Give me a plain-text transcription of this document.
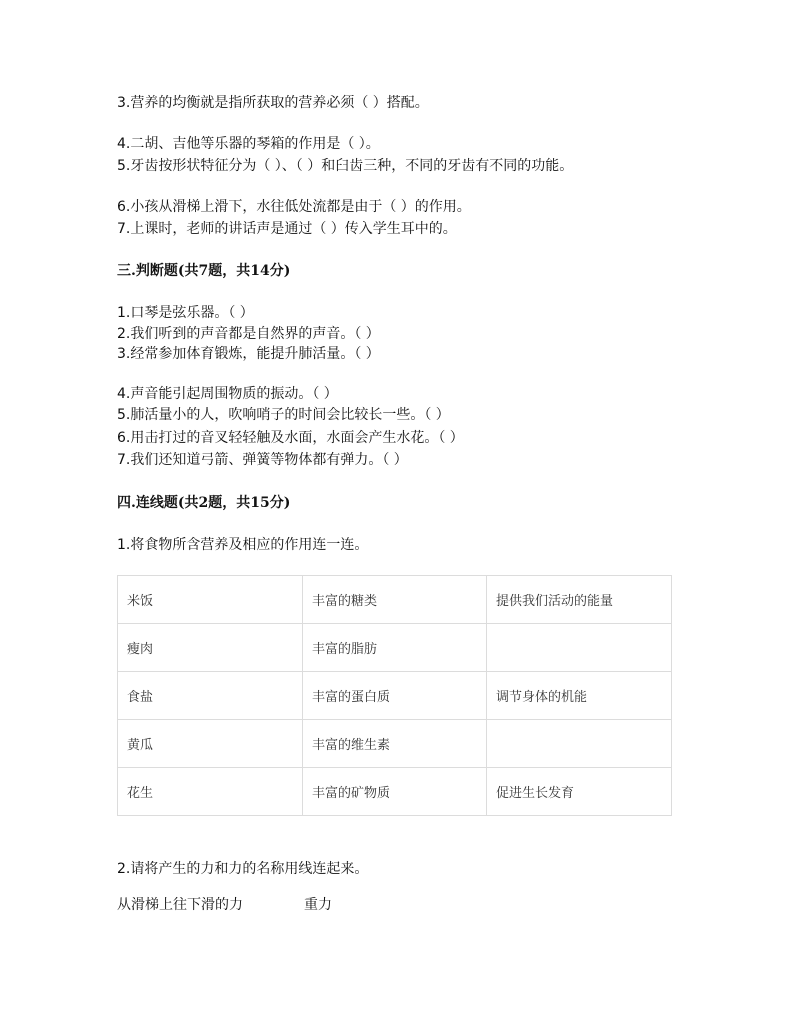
3.营养的均衡就是指所获取的营养必须（ ）搭配。
4.二胡、吉他等乐器的琴箱的作用是（ ）。
5.牙齿按形状特征分为（ ）、（ ）和臼齿三种，不同的牙齿有不同的功能。
6.小孩从滑梯上滑下，水往低处流都是由于（ ）的作用。
7.上课时，老师的讲话声是通过（ ）传入学生耳中的。
三.判断题(共7题，共14分)
1.口琴是弦乐器。（ ）
2.我们听到的声音都是自然界的声音。（ ）
3.经常参加体育锻炼，能提升肺活量。（ ）
4.声音能引起周围物质的振动。（ ）
5.肺活量小的人，吹响哨子的时间会比较长一些。（ ）
6.用击打过的音叉轻轻触及水面，水面会产生水花。（ ）
7.我们还知道弓箭、弹簧等物体都有弹力。（ ）
四.连线题(共2题，共15分)
1.将食物所含营养及相应的作用连一连。
米饭	丰富的糖类	提供我们活动的能量
瘦肉	丰富的脂肪	
食盐	丰富的蛋白质	调节身体的机能
黄瓜	丰富的维生素	
花生	丰富的矿物质	促进生长发育
2.请将产生的力和力的名称用线连起来。
从滑梯上往下滑的力	重力
